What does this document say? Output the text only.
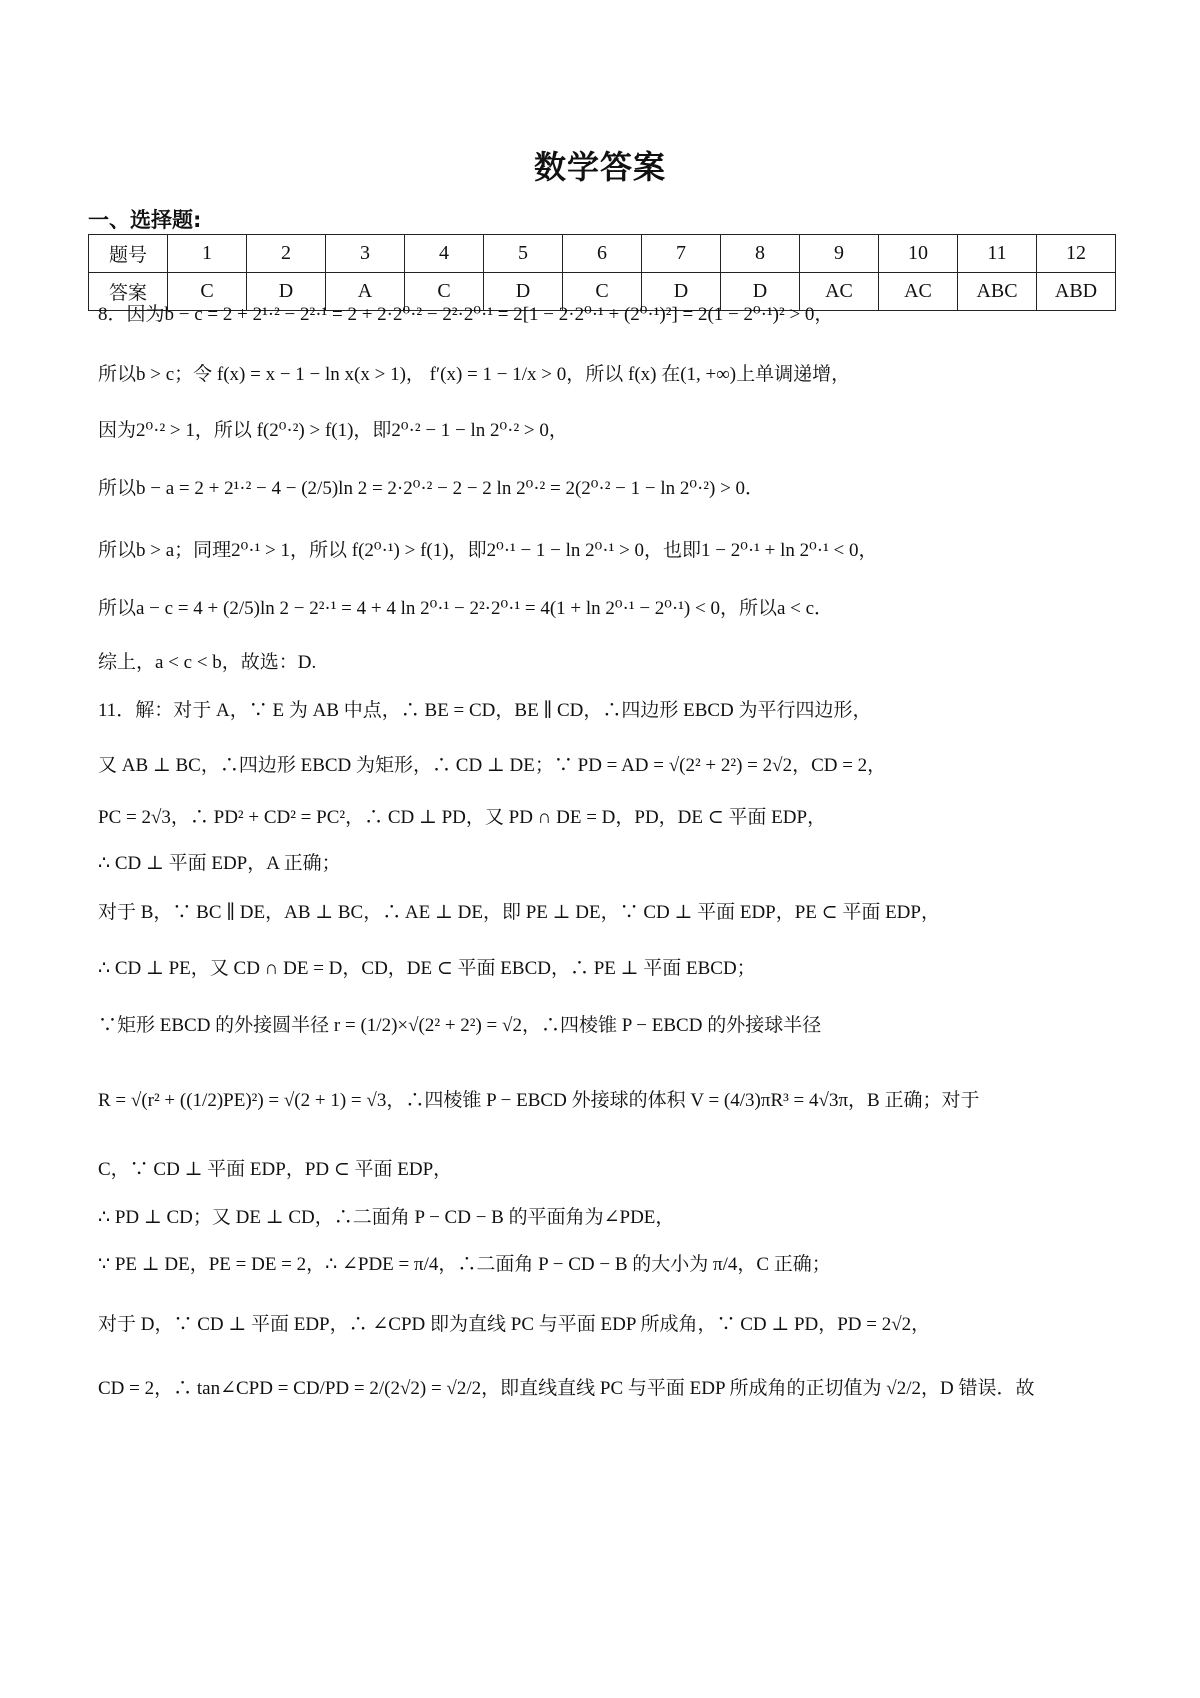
数学答案
一、选择题:
题号	1	2	3	4	5	6	7	8	9	10	11	12
答案	C	D	A	C	D	C	D	D	AC	AC	ABC	ABD
8．因为b − c = 2 + 2¹·² − 2²·¹ = 2 + 2·2⁰·² − 2²·2⁰·¹ = 2[1 − 2·2⁰·¹ + (2⁰·¹)²] = 2(1 − 2⁰·¹)² > 0，
所以b > c；令 f(x) = x − 1 − ln x(x > 1)， f′(x) = 1 − 1/x > 0，所以 f(x) 在(1, +∞)上单调递增，
因为2⁰·² > 1，所以 f(2⁰·²) > f(1)，即2⁰·² − 1 − ln 2⁰·² > 0，
所以b − a = 2 + 2¹·² − 4 − (2/5)ln 2 = 2·2⁰·² − 2 − 2 ln 2⁰·² = 2(2⁰·² − 1 − ln 2⁰·²) > 0．
所以b > a；同理2⁰·¹ > 1，所以 f(2⁰·¹) > f(1)，即2⁰·¹ − 1 − ln 2⁰·¹ > 0，也即1 − 2⁰·¹ + ln 2⁰·¹ < 0，
所以a − c = 4 + (2/5)ln 2 − 2²·¹ = 4 + 4 ln 2⁰·¹ − 2²·2⁰·¹ = 4(1 + ln 2⁰·¹ − 2⁰·¹) < 0，所以a < c．
综上，a < c < b，故选：D.
11．解：对于 A，∵ E 为 AB 中点，∴ BE = CD，BE ∥ CD，∴四边形 EBCD 为平行四边形，
又 AB ⊥ BC，∴四边形 EBCD 为矩形，∴ CD ⊥ DE；∵ PD = AD = √(2² + 2²) = 2√2，CD = 2，
PC = 2√3，∴ PD² + CD² = PC²，∴ CD ⊥ PD，又 PD ∩ DE = D，PD，DE ⊂ 平面 EDP，
∴ CD ⊥ 平面 EDP，A 正确；
对于 B，∵ BC ∥ DE，AB ⊥ BC，∴ AE ⊥ DE，即 PE ⊥ DE，∵ CD ⊥ 平面 EDP，PE ⊂ 平面 EDP，
∴ CD ⊥ PE，又 CD ∩ DE = D，CD，DE ⊂ 平面 EBCD，∴ PE ⊥ 平面 EBCD；
∵矩形 EBCD 的外接圆半径 r = (1/2)×√(2² + 2²) = √2，∴四棱锥 P − EBCD 的外接球半径
R = √(r² + ((1/2)PE)²) = √(2 + 1) = √3，∴四棱锥 P − EBCD 外接球的体积 V = (4/3)πR³ = 4√3π，B 正确；对于
C，∵ CD ⊥ 平面 EDP，PD ⊂ 平面 EDP，
∴ PD ⊥ CD；又 DE ⊥ CD，∴二面角 P − CD − B 的平面角为∠PDE，
∵ PE ⊥ DE，PE = DE = 2，∴ ∠PDE = π/4，∴二面角 P − CD − B 的大小为 π/4，C 正确；
对于 D，∵ CD ⊥ 平面 EDP，∴ ∠CPD 即为直线 PC 与平面 EDP 所成角，∵ CD ⊥ PD，PD = 2√2，
CD = 2，∴ tan∠CPD = CD/PD = 2/(2√2) = √2/2，即直线直线 PC 与平面 EDP 所成角的正切值为 √2/2，D 错误．故
